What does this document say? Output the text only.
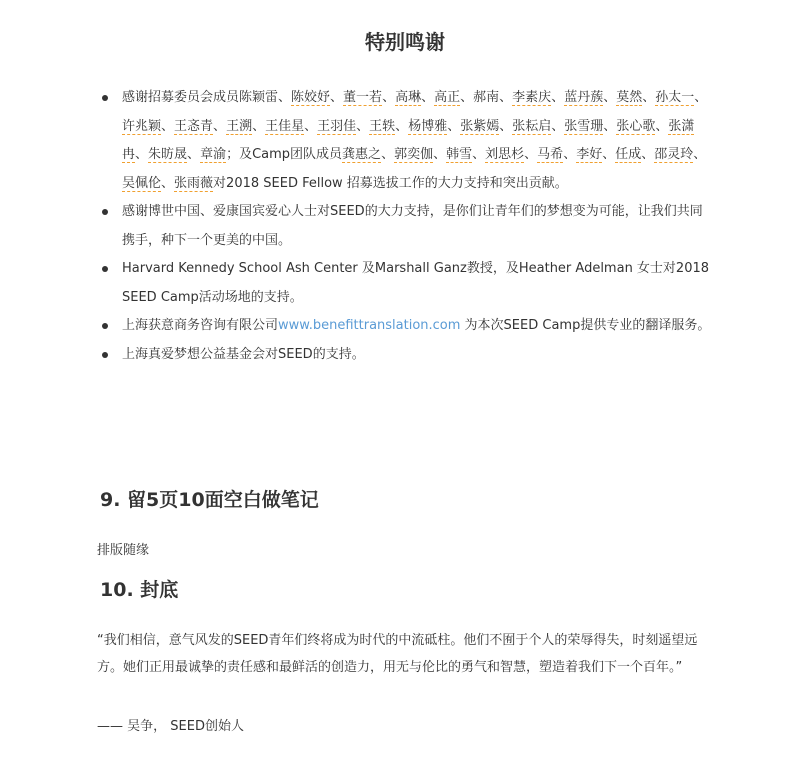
特别鸣谢
感谢招募委员会成员陈颖雷、陈姣妤、董一若、高琳、高正、郝南、李素庆、蓝丹蔟、莫然、孙太一、许兆颖、王忞青、王溯、王佳星、王羽佳、王轶、杨博雅、张紫嫣、张耘启、张雪珊、张心歌、张潇冉、朱昉晟、章渝；及Camp团队成员龚惠之、郭奕伽、韩雪、刘思杉、马希、李好、任成、邵灵玲、吴佩伦、张雨薇对2018 SEED Fellow 招募选拔工作的大力支持和突出贡献。
感谢博世中国、爱康国宾爱心人士对SEED的大力支持，是你们让青年们的梦想变为可能，让我们共同携手，种下一个更美的中国。
Harvard Kennedy School Ash Center 及Marshall Ganz教授，及Heather Adelman 女士对2018 SEED Camp活动场地的支持。
上海获意商务咨询有限公司www.benefittranslation.com 为本次SEED Camp提供专业的翻译服务。
上海真爱梦想公益基金会对SEED的支持。
9. 留5页10面空白做笔记
排版随缘
10. 封底

“我们相信，意气风发的SEED青年们终将成为时代的中流砥柱。他们不囿于个人的荣辱得失，时刻遥望远方。她们正用最诚挚的责任感和最鲜活的创造力，用无与伦比的勇气和智慧，塑造着我们下一个百年。”

—— 吴争， SEED创始人
